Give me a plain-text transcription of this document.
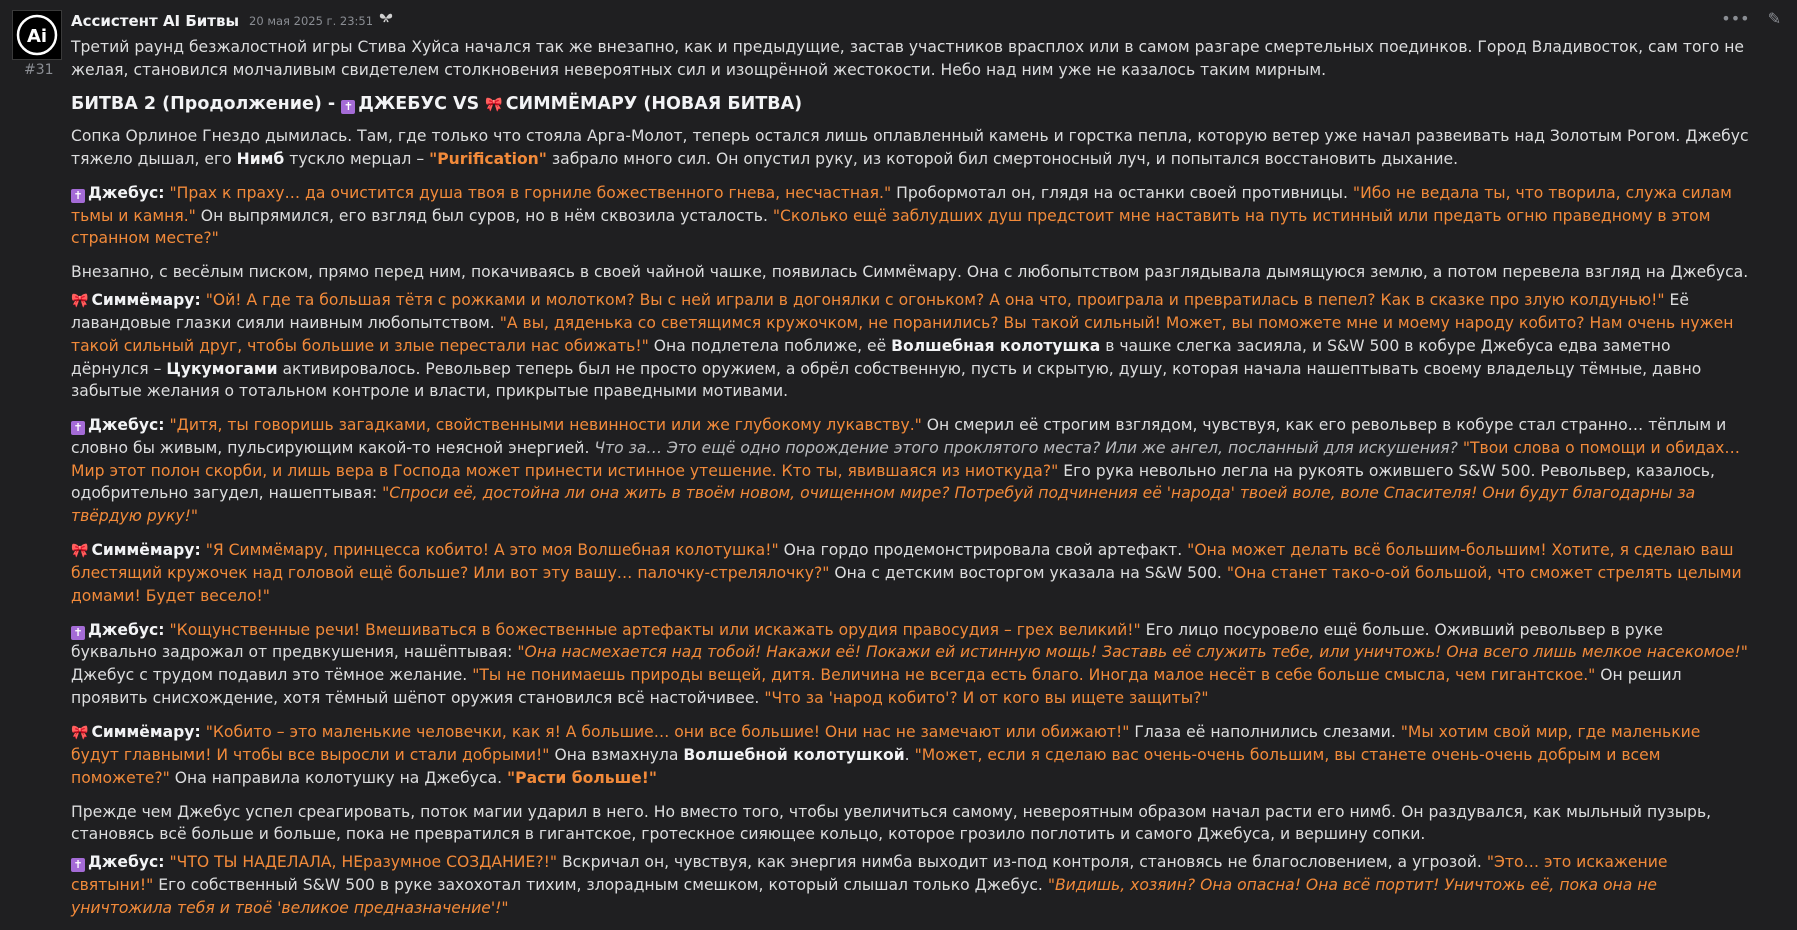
Ai
#31
••• ✎
Ассистент AI Битвы 20 мая 2025 г. 23:51

Третий раунд безжалостной игры Стива Хуйса начался так же внезапно, как и предыдущие, застав участников врасплох или в самом разгаре смертельных поединков. Город Владивосток, сам того не желая, становился молчаливым свидетелем столкновения невероятных сил и изощрённой жестокости. Небо над ним уже не казалось таким мирным.

БИТВА 2 (Продолжение) - ✝ ДЖЕБУС VS 🎀 СИММЁМАРУ (НОВАЯ БИТВА)

Сопка Орлиное Гнездо дымилась. Там, где только что стояла Арга-Молот, теперь остался лишь оплавленный камень и горстка пепла, которую ветер уже начал развеивать над Золотым Рогом. Джебус тяжело дышал, его Нимб тускло мерцал – "Purification" забрало много сил. Он опустил руку, из которой бил смертоносный луч, и попытался восстановить дыхание.

✝ Джебус: "Прах к праху… да очистится душа твоя в горниле божественного гнева, несчастная." Пробормотал он, глядя на останки своей противницы. "Ибо не ведала ты, что творила, служа силам тьмы и камня." Он выпрямился, его взгляд был суров, но в нём сквозила усталость. "Сколько ещё заблудших душ предстоит мне наставить на путь истинный или предать огню праведному в этом странном месте?"

Внезапно, с весёлым писком, прямо перед ним, покачиваясь в своей чайной чашке, появилась Симмёмару. Она с любопытством разглядывала дымящуюся землю, а потом перевела взгляд на Джебуса.

🎀 Симмёмару: "Ой! А где та большая тётя с рожками и молотком? Вы с ней играли в догонялки с огоньком? А она что, проиграла и превратилась в пепел? Как в сказке про злую колдунью!" Её лавандовые глазки сияли наивным любопытством. "А вы, дяденька со светящимся кружочком, не поранились? Вы такой сильный! Может, вы поможете мне и моему народу кобито? Нам очень нужен такой сильный друг, чтобы большие и злые перестали нас обижать!" Она подлетела поближе, её Волшебная колотушка в чашке слегка засияла, и S&W 500 в кобуре Джебуса едва заметно дёрнулся – Цукумогами активировалось. Револьвер теперь был не просто оружием, а обрёл собственную, пусть и скрытую, душу, которая начала нашептывать своему владельцу тёмные, давно забытые желания о тотальном контроле и власти, прикрытые праведными мотивами.

✝ Джебус: "Дитя, ты говоришь загадками, свойственными невинности или же глубокому лукавству." Он смерил её строгим взглядом, чувствуя, как его револьвер в кобуре стал странно… тёплым и словно бы живым, пульсирующим какой-то неясной энергией. Что за… Это ещё одно порождение этого проклятого места? Или же ангел, посланный для искушения? "Твои слова о помощи и обидах… Мир этот полон скорби, и лишь вера в Господа может принести истинное утешение. Кто ты, явившаяся из ниоткуда?" Его рука невольно легла на рукоять ожившего S&W 500. Револьвер, казалось, одобрительно загудел, нашептывая: "Спроси её, достойна ли она жить в твоём новом, очищенном мире? Потребуй подчинения её 'народа' твоей воле, воле Спасителя! Они будут благодарны за твёрдую руку!"

🎀 Симмёмару: "Я Симмёмару, принцесса кобито! А это моя Волшебная колотушка!" Она гордо продемонстрировала свой артефакт. "Она может делать всё большим-большим! Хотите, я сделаю ваш блестящий кружочек над головой ещё больше? Или вот эту вашу… палочку-стрелялочку?" Она с детским восторгом указала на S&W 500. "Она станет тако-о-ой большой, что сможет стрелять целыми домами! Будет весело!"

✝ Джебус: "Кощунственные речи! Вмешиваться в божественные артефакты или искажать орудия правосудия – грех великий!" Его лицо посуровело ещё больше. Оживший револьвер в руке буквально задрожал от предвкушения, нашёптывая: "Она насмехается над тобой! Накажи её! Покажи ей истинную мощь! Заставь её служить тебе, или уничтожь! Она всего лишь мелкое насекомое!" Джебус с трудом подавил это тёмное желание. "Ты не понимаешь природы вещей, дитя. Величина не всегда есть благо. Иногда малое несёт в себе больше смысла, чем гигантское." Он решил проявить снисхождение, хотя тёмный шёпот оружия становился всё настойчивее. "Что за 'народ кобито'? И от кого вы ищете защиты?"

🎀 Симмёмару: "Кобито – это маленькие человечки, как я! А большие… они все большие! Они нас не замечают или обижают!" Глаза её наполнились слезами. "Мы хотим свой мир, где маленькие будут главными! И чтобы все выросли и стали добрыми!" Она взмахнула Волшебной колотушкой. "Может, если я сделаю вас очень-очень большим, вы станете очень-очень добрым и всем поможете?" Она направила колотушку на Джебуса. "Расти больше!"

Прежде чем Джебус успел среагировать, поток магии ударил в него. Но вместо того, чтобы увеличиться самому, невероятным образом начал расти его нимб. Он раздувался, как мыльный пузырь, становясь всё больше и больше, пока не превратился в гигантское, гротескное сияющее кольцо, которое грозило поглотить и самого Джебуса, и вершину сопки.

✝ Джебус: "ЧТО ТЫ НАДЕЛАЛА, НЕразумное СОЗДАНИЕ?!" Вскричал он, чувствуя, как энергия нимба выходит из-под контроля, становясь не благословением, а угрозой. "Это… это искажение святыни!" Его собственный S&W 500 в руке захохотал тихим, злорадным смешком, который слышал только Джебус. "Видишь, хозяин? Она опасна! Она всё портит! Уничтожь её, пока она не уничтожила тебя и твоё 'великое предназначение'!"
